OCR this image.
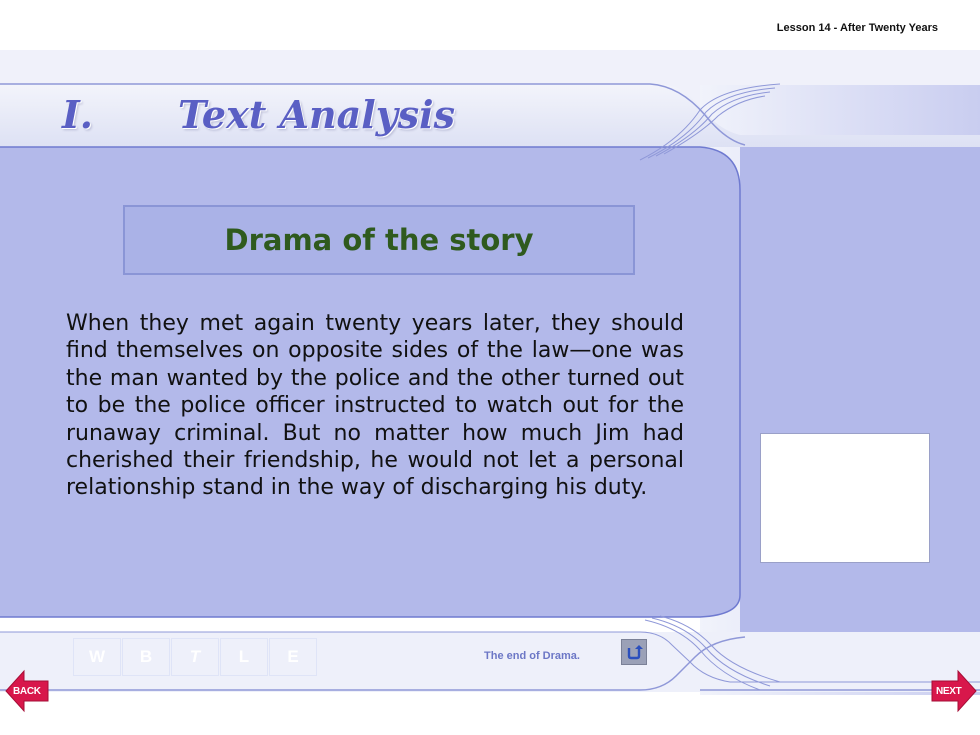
Lesson 14 - After Twenty Years
I. Text Analysis
Drama of the story
When they met again twenty years later, they should find themselves on opposite sides of the law—one was the man wanted by the police and the other turned out to be the police officer instructed to watch out for the runaway criminal. But no matter how much Jim had cherished their friendship, he would not let a personal relationship stand in the way of discharging his duty.
W	B	T	L	E	The end of Drama.
BACK	NEXT
